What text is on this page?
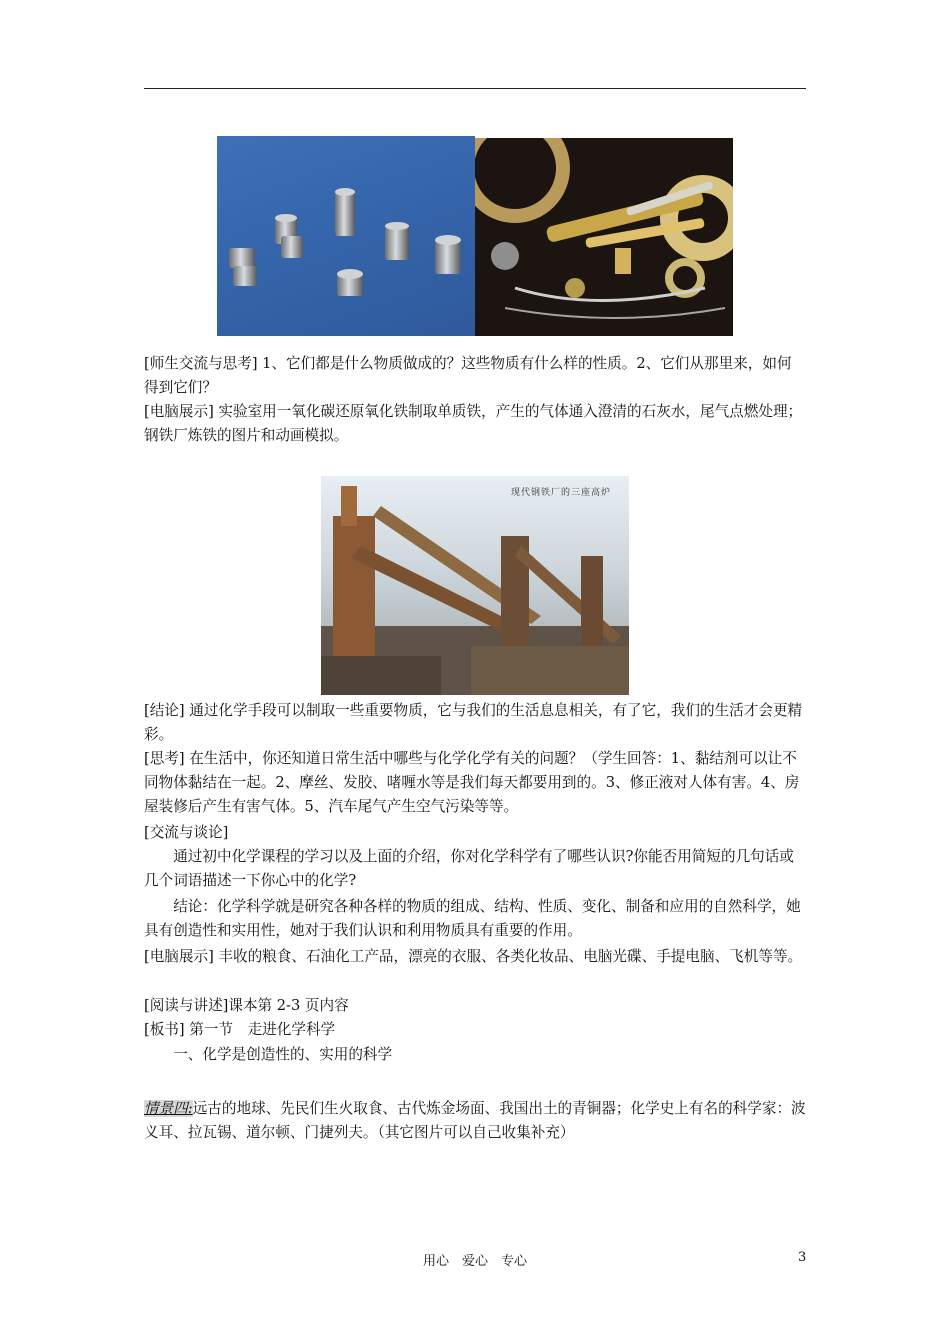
[师生交流与思考] 1、它们都是什么物质做成的？这些物质有什么样的性质。2、它们从那里来，如何得到它们？

[电脑展示] 实验室用一氧化碳还原氧化铁制取单质铁，产生的气体通入澄清的石灰水，尾气点燃处理；钢铁厂炼铁的图片和动画模拟。

现代钢铁厂的三座高炉

[结论] 通过化学手段可以制取一些重要物质，它与我们的生活息息相关，有了它，我们的生活才会更精彩。

[思考] 在生活中，你还知道日常生活中哪些与化学化学有关的问题？（学生回答：1、黏结剂可以让不同物体黏结在一起。2、摩丝、发胶、啫喱水等是我们每天都要用到的。3、修正液对人体有害。4、房屋装修后产生有害气体。5、汽车尾气产生空气污染等等。

[交流与谈论]

通过初中化学课程的学习以及上面的介绍，你对化学科学有了哪些认识?你能否用简短的几句话或几个词语描述一下你心中的化学?

结论：化学科学就是研究各种各样的物质的组成、结构、性质、变化、制备和应用的自然科学，她具有创造性和实用性，她对于我们认识和利用物质具有重要的作用。

[电脑展示] 丰收的粮食、石油化工产品，漂亮的衣服、各类化妆品、电脑光碟、手提电脑、飞机等等。

[阅读与讲述]课本第 2-3 页内容

[板书] 第一节　走进化学科学

一、化学是创造性的、实用的科学

情景四:远古的地球、先民们生火取食、古代炼金场面、我国出土的青铜器；化学史上有名的科学家：波义耳、拉瓦锡、道尔顿、门捷列夫。（其它图片可以自己收集补充）

用心　爱心　专心	3
